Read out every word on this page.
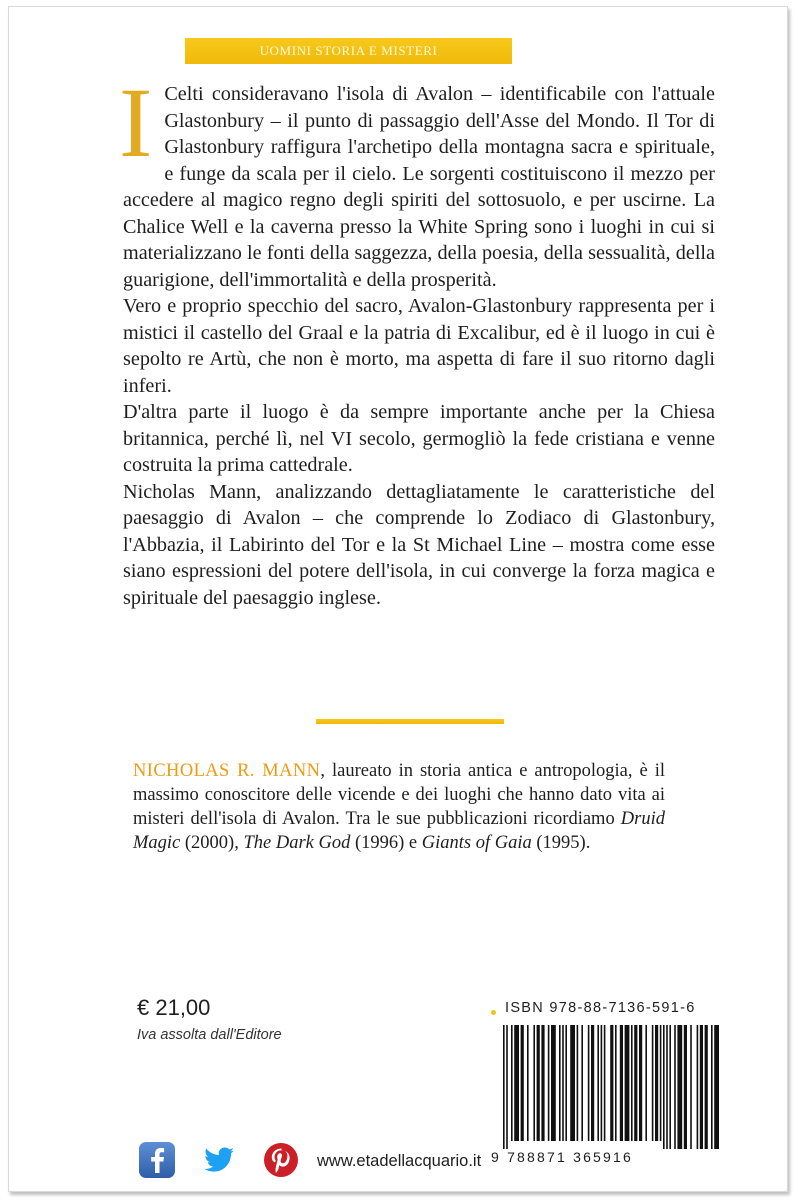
UOMINI STORIA E MISTERI

I Celti consideravano l'isola di Avalon – identificabile con l'attuale Glastonbury – il punto di passaggio dell'Asse del Mondo. Il Tor di Glastonbury raffigura l'archetipo della montagna sacra e spirituale, e funge da scala per il cielo. Le sorgenti costituiscono il mezzo per accedere al magico regno degli spiriti del sottosuolo, e per uscirne. La Chalice Well e la caverna presso la White Spring sono i luoghi in cui si materializzano le fonti della saggezza, della poesia, della sessualità, della guarigione, dell'immortalità e della prosperità.

Vero e proprio specchio del sacro, Avalon-Glastonbury rappresenta per i mistici il castello del Graal e la patria di Excalibur, ed è il luogo in cui è sepolto re Artù, che non è morto, ma aspetta di fare il suo ritorno dagli inferi.

D'altra parte il luogo è da sempre importante anche per la Chiesa britannica, perché lì, nel VI secolo, germogliò la fede cristiana e venne costruita la prima cattedrale.

Nicholas Mann, analizzando dettagliatamente le caratteristiche del paesaggio di Avalon – che comprende lo Zodiaco di Glastonbury, l'Abbazia, il Labirinto del Tor e la St Michael Line – mostra come esse siano espressioni del potere dell'isola, in cui converge la forza magica e spirituale del paesaggio inglese.

NICHOLAS R. MANN, laureato in storia antica e antropologia, è il massimo conoscitore delle vicende e dei luoghi che hanno dato vita ai misteri dell'isola di Avalon. Tra le sue pubblicazioni ricordiamo Druid Magic (2000), The Dark God (1996) e Giants of Gaia (1995).

€ 21,00
Iva assolta dall'Editore
www.etadellacquario.it
ISBN 978-88-7136-591-6
9 788871 365916
